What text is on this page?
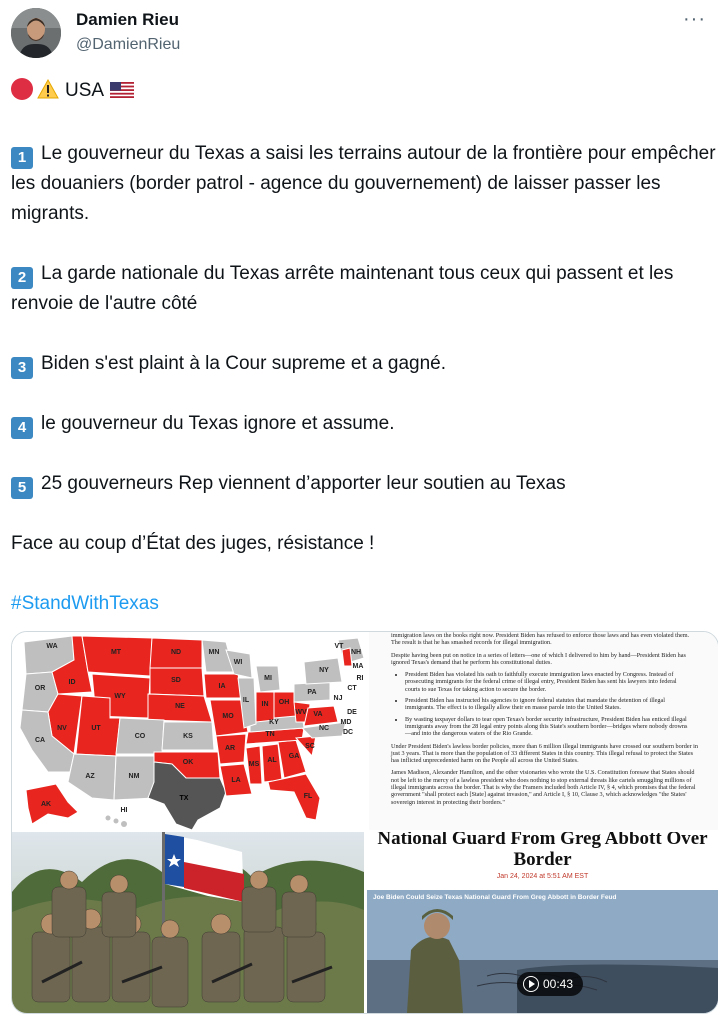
Damien Rieu
@DamienRieu
···

USA

1 Le gouverneur du Texas a saisi les terrains autour de la frontière pour empêcher les douaniers (border patrol - agence du gouvernement) de laisser passer les migrants.

2 La garde nationale du Texas arrête maintenant tous ceux qui passent et les renvoie de l'autre côté

3 Biden s'est plaint à la Cour supreme et a gagné.

4 le gouverneur du Texas ignore et assume.

5 25 gouverneurs Rep viennent d’apporter leur soutien au Texas

Face au coup d’État des juges, résistance !

#StandWithTexas

WA
MT	ND	MN
VT
NH
OR
ID	SD
WI
NY
MA
WY
MI	RI
IA
PA
CT
NV
NE
NJ
UT
OH
IN
IL
DE
CA
CO	KS
MO
WV VA
MD
KY
DC
AZ	NM
OK
AR
TN
NC
SC
MS
AL
GA
TX
LA
FL
AK
HI

immigration laws on the books right now. President Biden has refused to enforce those laws and has even violated them. The result is that he has smashed records for illegal immigration.

Despite having been put on notice in a series of letters—one of which I delivered to him by hand—President Biden has ignored Texas's demand that he perform his constitutional duties.

• President Biden has violated his oath to faithfully execute immigration laws enacted by Congress. Instead of prosecuting immigrants for the federal crime of illegal entry, President Biden has sent his lawyers into federal courts to sue Texas for taking action to secure the border.
• President Biden has instructed his agencies to ignore federal statutes that mandate the detention of illegal immigrants. The effect is to illegally allow their en masse parole into the United States.
• By wasting taxpayer dollars to tear open Texas's border security infrastructure, President Biden has enticed illegal immigrants away from the 28 legal entry points along this State's southern border—bridges where nobody drowns—and into the dangerous waters of the Rio Grande.

Under President Biden's lawless border policies, more than 6 million illegal immigrants have crossed our southern border in just 3 years. That is more than the population of 33 different States in this country. This illegal refusal to protect the States has inflicted unprecedented harm on the People all across the United States.

James Madison, Alexander Hamilton, and the other visionaries who wrote the U.S. Constitution foresaw that States should not be left to the mercy of a lawless president who does nothing to stop external threats like cartels smuggling millions of illegal immigrants across the border. That is why the Framers included both Article IV, § 4, which promises that the federal government "shall protect each [State] against invasion," and Article I, § 10, Clause 3, which acknowledges "the States' sovereign interest in protecting their borders."

National Guard From Greg Abbott Over Border
Jan 24, 2024 at 5:51 AM EST
Joe Biden Could Seize Texas National Guard From Greg Abbott in Border Feud
00:43
